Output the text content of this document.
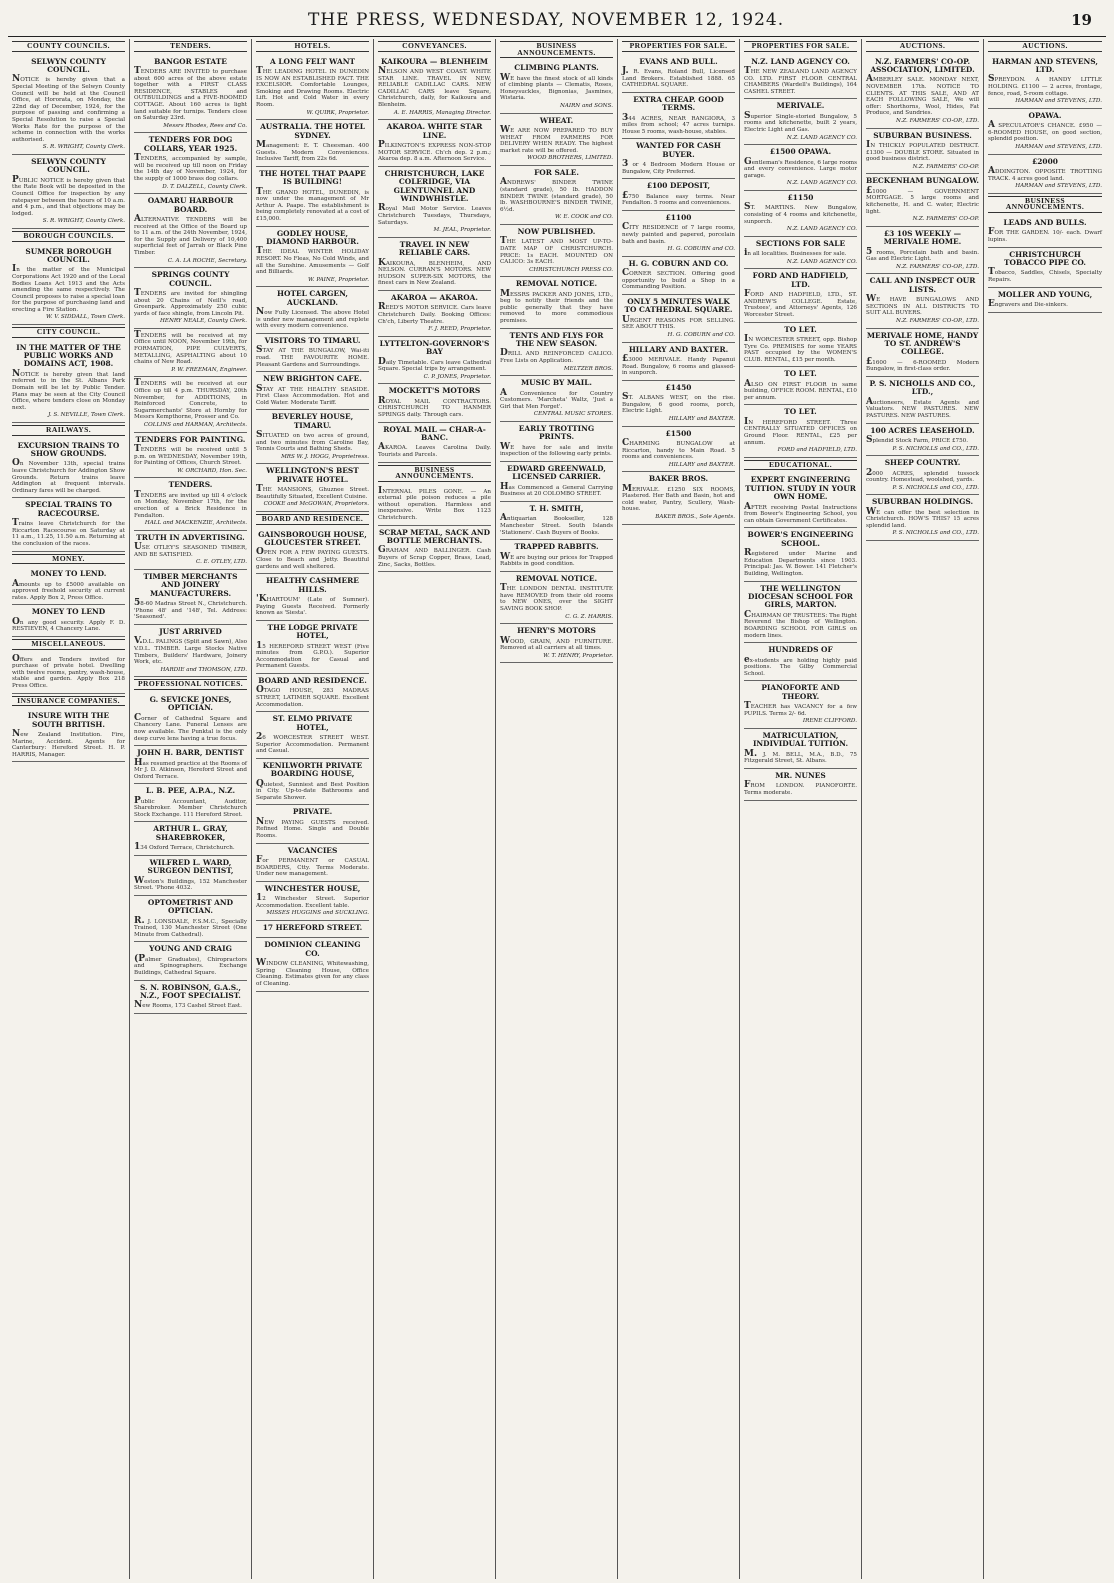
THE PRESS, WEDNESDAY, NOVEMBER 12, 1924.	19
COUNTY COUNCILS.
SELWYN COUNTY COUNCIL.
NOTICE is hereby given that a Special Meeting of the Selwyn County Council will be held at the Council Office, at Hororata, on Monday, the 22nd day of December, 1924, for the purpose of passing and confirming a Special Resolution to raise a Special Works Rate for the purpose of the scheme in connection with the works authorised.
S. R. WRIGHT, County Clerk.
SELWYN COUNTY COUNCIL.
PUBLIC NOTICE is hereby given that the Rate Book will be deposited in the Council Office for inspection by any ratepayer between the hours of 10 a.m. and 4 p.m., and that objections may be lodged.
S. R. WRIGHT, County Clerk.
BOROUGH COUNCILS.
SUMNER BOROUGH COUNCIL.
In the matter of the Municipal Corporations Act 1920 and of the Local Bodies Loans Act 1913 and the Acts amending the same respectively. The Council proposes to raise a special loan for the purpose of purchasing land and erecting a Fire Station.
W. V. SIDDALL, Town Clerk.
CITY COUNCIL.
IN THE MATTER OF THE PUBLIC WORKS AND DOMAINS ACT, 1908.
NOTICE is hereby given that land referred to in the St. Albans Park Domain will be let by Public Tender. Plans may be seen at the City Council Office, where tenders close on Monday next.
J. S. NEVILLE, Town Clerk.
RAILWAYS.
EXCURSION TRAINS TO SHOW GROUNDS.
On November 13th, special trains leave Christchurch for Addington Show Grounds. Return trains leave Addington at frequent intervals. Ordinary fares will be charged.
SPECIAL TRAINS TO RACECOURSE.
Trains leave Christchurch for the Riccarton Racecourse on Saturday at 11 a.m., 11.25, 11.50 a.m. Returning at the conclusion of the races.
MONEY.
MONEY TO LEND.
Amounts up to £5000 available on approved freehold security at current rates. Apply Box 2, Press Office.
MONEY TO LEND
On any good security. Apply F. D. RESTIEVEN, 4 Chancery Lane.
MISCELLANEOUS.
Offers and Tenders invited for purchase of private hotel. Dwelling with twelve rooms, pantry, wash-house, stable and garden. Apply Box 218 Press Office.
INSURANCE COMPANIES.
INSURE WITH THE SOUTH BRITISH.
New Zealand Institution. Fire, Marine, Accident. Agents for Canterbury: Hereford Street. H. P. HARRIS, Manager.
TENDERS.
BANGOR ESTATE
TENDERS ARE INVITED to purchase about 600 acres of the above estate together with a FIRST CLASS RESIDENCE, STABLES and OUTBUILDINGS and a FIVE-ROOMED COTTAGE. About 160 acres is light land suitable for turnips. Tenders close on Saturday 23rd.
Messrs Rhodes, Rees and Co.
TENDERS FOR DOG COLLARS, YEAR 1925.
TENDERS, accompanied by sample, will be received up till noon on Friday the 14th day of November, 1924, for the supply of 1000 brass dog collars.
D. T. DALZELL, County Clerk.
OAMARU HARBOUR BOARD.
ALTERNATIVE TENDERS will be received at the Office of the Board up to 11 a.m. of the 24th November, 1924, for the Supply and Delivery of 10,400 superficial feet of Jarrah or Black Pine Timber.
C. A. LA ROCHE, Secretary.
SPRINGS COUNTY COUNCIL.
TENDERS are invited for shingling about 20 Chains of Neill's road, Greenpark. Approximately 250 cubic yards of face shingle, from Lincoln Pit.
HENRY NEALE, County Clerk.
TENDERS will be received at my Office until NOON, November 19th, for FORMATION, PIPE CULVERTS, METALLING, ASPHALTING about 10 chains of New Road.
P. W. FREEMAN, Engineer.
TENDERS will be received at our Office up till 4 p.m. THURSDAY, 20th November, for ADDITIONS, in Reinforced Concrete, to Sugarmerchants' Store at Hornby for Messrs Kempthorne, Prosser and Co.
COLLINS and HARMAN, Architects.
TENDERS FOR PAINTING.
TENDERS will be received until 5 p.m. on WEDNESDAY, November 19th, for Painting of Offices, Church Street.
W. ORCHARD, Hon. Sec.
TENDERS.
TENDERS are invited up till 4 o'clock on Monday, November 17th, for the erection of a Brick Residence in Fendalton.
HALL and MACKENZIE, Architects.
TRUTH IN ADVERTISING.
USE OTLEY'S SEASONED TIMBER, AND BE SATISFIED.
C. E. OTLEY, LTD.
TIMBER MERCHANTS AND JOINERY MANUFACTURERS.
58-60 Madras Street N., Christchurch. 'Phone 48' and '148', Tel. Address: 'Seasoned'.
JUST ARRIVED
V.D.L. PALINGS (Split and Sawn), Also V.D.L. TIMBER. Large Stocks Native Timbers, Builders' Hardware, Joinery Work, etc.
HARDIE and THOMSON, LTD.
PROFESSIONAL NOTICES.
G. SEVICKE JONES, OPTICIAN.
Corner of Cathedral Square and Chancery Lane. Funeral Lenses are now available. The Punktal is the only deep curve lens having a true focus.
JOHN H. BARR, DENTIST
Has resumed practice at the Rooms of Mr J. D. Atkinson, Hereford Street and Oxford Terrace.
L. B. PEE, A.P.A., N.Z.
Public Accountant, Auditor, Sharebroker. Member Christchurch Stock Exchange. 111 Hereford Street.
ARTHUR L. GRAY, SHAREBROKER,
134 Oxford Terrace, Christchurch.
WILFRED L. WARD, SURGEON DENTIST,
Weston's Buildings, 152 Manchester Street. 'Phone 4032.
OPTOMETRIST AND OPTICIAN.
R. J. LONSDALE, F.S.M.C., Specially Trained, 130 Manchester Street (One Minute from Cathedral).
YOUNG AND CRAIG
(Palmer Graduates), Chiropractors and Spinographers. Exchange Buildings, Cathedral Square.
S. N. ROBINSON, G.A.S., N.Z., FOOT SPECIALIST.
New Rooms, 173 Cashel Street East.
HOTELS.
A LONG FELT WANT
THE LEADING HOTEL IN DUNEDIN IS NOW AN ESTABLISHED FACT. THE EXCELSIOR. Comfortable Lounges, Smoking and Drawing Rooms. Electric Lift. Hot and Cold Water in every Room.
W. QUIRK, Proprietor.
AUSTRALIA. THE HOTEL SYDNEY.
Management: E. T. Cheesman. 400 Guests. Modern Conveniences. Inclusive Tariff, from 22s 6d.
THE HOTEL THAT PAAPE IS BUILDING!
THE GRAND HOTEL, DUNEDIN, is now under the management of Mr Arthur A. Paape. The establishment is being completely renovated at a cost of £15,000.
GODLEY HOUSE, DIAMOND HARBOUR.
THE IDEAL WINTER HOLIDAY RESORT. No Fleas, No Cold Winds, and all the Sunshine. Amusements — Golf and Billiards.
W. PAINE, Proprietor.
HOTEL CARGEN, AUCKLAND.
Now Fully Licensed. The above Hotel is under new management and replete with every modern convenience.
VISITORS TO TIMARU.
STAY AT THE BUNGALOW, Wai-iti road. THE FAVOURITE HOME. Pleasant Gardens and Surroundings.
NEW BRIGHTON CAFE.
STAY AT THE HEALTHY SEASIDE. First Class Accommodation. Hot and Cold Water. Moderate Tariff.
BEVERLEY HOUSE, TIMARU.
SITUATED on two acres of ground, and two minutes from Caroline Bay, Tennis Courts and Bathing Sheds.
MRS W. J. HOGG, Proprietress.
WELLINGTON'S BEST PRIVATE HOTEL.
THE MANSIONS, Ghuznee Street. Beautifully Situated, Excellent Cuisine.
COOKE and McGOWAN, Proprietors.
BOARD AND RESIDENCE.
GAINSBOROUGH HOUSE, GLOUCESTER STREET.
OPEN FOR A FEW PAYING GUESTS. Close to Beach and Jetty. Beautiful gardens and well sheltered.
HEALTHY CASHMERE HILLS.
'KHARTOUM' (Late of Sumner). Paying Guests Received. Formerly known as 'Siesta'.
THE LODGE PRIVATE HOTEL,
15 HEREFORD STREET WEST (Five minutes from G.P.O.). Superior Accommodation for Casual and Permanent Guests.
BOARD AND RESIDENCE.
OTAGO HOUSE, 283 MADRAS STREET, LATIMER SQUARE. Excellent Accommodation.
ST. ELMO PRIVATE HOTEL,
26 WORCESTER STREET WEST. Superior Accommodation. Permanent and Casual.
KENILWORTH PRIVATE BOARDING HOUSE,
Quietest, Sunniest and Best Position in City. Up-to-date Bathrooms and Separate Shower.
PRIVATE.
NEW PAYING GUESTS received. Refined Home. Single and Double Rooms.
VACANCIES
For PERMANENT or CASUAL BOARDERS, Ctty. Terms Moderate. Under new management.
WINCHESTER HOUSE,
12 Winchester Street. Superior Accommodation. Excellent table.
MISSES HUGGINS and SUCKLING.
17 HEREFORD STREET.
DOMINION CLEANING CO.
WINDOW CLEANING, Whitewashing, Spring Cleaning House, Office Cleaning. Estimates given for any class of Cleaning.
CONVEYANCES.
KAIKOURA — BLENHEIM
NELSON AND WEST COAST. WHITE STAR LINE. TRAVEL IN NEW, RELIABLE CADILLAC CARS. NEW CADILLAC CARS leave Square, Christchurch, daily, for Kaikoura and Blenheim.
A. E. HARRIS, Managing Director.
AKAROA. WHITE STAR LINE.
PILKINGTON'S EXPRESS NON-STOP MOTOR SERVICE. Ch'ch dep. 2 p.m.; Akaroa dep. 8 a.m. Afternoon Service.
CHRISTCHURCH, LAKE COLERIDGE, VIA GLENTUNNEL AND WINDWHISTLE.
Royal Mail Motor Service. Leaves Christchurch Tuesdays, Thursdays, Saturdays.
M. JEAL, Proprietor.
TRAVEL IN NEW RELIABLE CARS.
KAIKOURA, BLENHEIM, AND NELSON. CURRAN'S MOTORS. NEW HUDSON SUPER-SIX MOTORS, the finest cars in New Zealand.
AKAROA — AKAROA.
REED'S MOTOR SERVICE. Cars leave Christchurch Daily. Booking Offices: Ch'ch, Liberty Theatre.
F. J. REED, Proprietor.
LYTTELTON-GOVERNOR'S BAY
Daily Timetable. Cars leave Cathedral Square. Special trips by arrangement.
C. P. JONES, Proprietor.
MOCKETT'S MOTORS
ROYAL MAIL CONTRACTORS. CHRISTCHURCH TO HANMER SPRINGS daily. Through cars.
ROYAL MAIL — CHAR-A-BANC.
AKAROA. Leaves Carolina Daily. Tourists and Parcels.
BUSINESS ANNOUNCEMENTS.
INTERNAL PILES GONE. — An external pile poison reduces a pile without operation. Harmless and inexpensive. Write Box 1123 Christchurch.
SCRAP METAL, SACK AND BOTTLE MERCHANTS.
GRAHAM AND BALLINGER. Cash Buyers of Scrap Copper, Brass, Lead, Zinc, Sacks, Bottles.
BUSINESS ANNOUNCEMENTS.
CLIMBING PLANTS.
WE have the finest stock of all kinds of climbing plants — Clematis, Roses, Honeysuckles, Bignonias, Jasmines, Wistaria.
NAIRN and SONS.
WHEAT.
WE ARE NOW PREPARED TO BUY WHEAT FROM FARMERS FOR DELIVERY WHEN READY. The highest market rate will be offered.
WOOD BROTHERS, LIMITED.
FOR SALE.
ANDREWS' BINDER TWINE (standard grade), 50 lb. HADDON BINDER TWINE (standard grade), 50 lb. WASHBOURNE'S BINDER TWINE, 6½d.
W. E. COOK and CO.
NOW PUBLISHED.
THE LATEST AND MOST UP-TO-DATE MAP OF CHRISTCHURCH. PRICE: 1s EACH. MOUNTED ON CALICO: 3s EACH.
CHRISTCHURCH PRESS CO.
REMOVAL NOTICE.
MESSRS PACKER AND JONES, LTD., beg to notify their friends and the public generally that they have removed to more commodious premises.
TENTS AND FLYS FOR THE NEW SEASON.
DRILL AND REINFORCED CALICO. Free Lists on Application.
MELTZER BROS.
MUSIC BY MAIL.
A Convenience for Country Customers. 'Marcheta' Waltz, 'Just a Girl that Men Forget'.
CENTRAL MUSIC STORES.
EARLY TROTTING PRINTS.
WE have for sale and invite inspection of the following early prints.
EDWARD GREENWALD, LICENSED CARRIER.
Has Commenced a General Carrying Business at 20 COLOMBO STREET.
T. H. SMITH,
Antiquarian Bookseller, 128 Manchester Street. South Islands 'Stationers'. Cash Buyers of Books.
TRAPPED RABBITS.
WE are buying our prices for Trapped Rabbits in good condition.
REMOVAL NOTICE.
THE LONDON DENTAL INSTITUTE have REMOVED from their old rooms to NEW ONES, over the SIGHT SAVING BOOK SHOP.
C. G. Z. HARRIS.
HENRY'S MOTORS
WOOD, GRAIN, AND FURNITURE. Removed at all carriers at all times.
W. T. HENRY, Proprietor.
PROPERTIES FOR SALE.
EVANS AND BULL.
J. R. Evans, Roland Bull, Licensed Land Brokers. Established 1888. 65 CATHEDRAL SQUARE.
EXTRA CHEAP. GOOD TERMS.
344 ACRES, NEAR RANGIORA, 3 miles from school; 47 acres turnips. House 5 rooms, wash-house, stables.
WANTED FOR CASH BUYER.
3 or 4 Bedroom Modern House or Bungalow, City Preferred.
£100 DEPOSIT,
£750 Balance easy terms. Near Fendalton. 5 rooms and conveniences.
£1100
CITY RESIDENCE of 7 large rooms, newly painted and papered, porcelain bath and basin.
H. G. COBURN and CO.
H. G. COBURN AND CO.
CORNER SECTION. Offering good opportunity to build a Shop in a Commanding Position.
ONLY 5 MINUTES WALK TO CATHEDRAL SQUARE.
URGENT REASONS FOR SELLING. SEE ABOUT THIS.
H. G. COBURN and CO.
HILLARY AND BAXTER.
£3000 MERIVALE. Handy Papanui Road. Bungalow, 6 rooms and glassed-in sunporch.
£1450
ST. ALBANS WEST, on the rise. Bungalow, 6 good rooms, porch, Electric Light.
HILLARY and BAXTER.
£1500
CHARMING BUNGALOW at Riccarton, handy to Main Road. 5 rooms and conveniences.
HILLARY and BAXTER.
BAKER BROS.
MERIVALE. £1250 SIX ROOMS, Plastered. Her Bath and Basin, hot and cold water, Pantry, Scullery, Wash-house.
BAKER BROS., Sole Agents.
PROPERTIES FOR SALE.
N.Z. LAND AGENCY CO.
THE NEW ZEALAND LAND AGENCY CO. LTD. FIRST FLOOR CENTRAL CHAMBERS (Wardell's Buildings), 164 CASHEL STREET.
MERIVALE.
Superior Single-storied Bungalow, 5 rooms and kitchenette, built 2 years, Electric Light and Gas.
N.Z. LAND AGENCY CO.
£1500 OPAWA.
Gentleman's Residence, 6 large rooms and every convenience. Large motor garage.
N.Z. LAND AGENCY CO.
£1150
ST. MARTINS. New Bungalow, consisting of 4 rooms and kitchenette, sunporch.
N.Z. LAND AGENCY CO.
SECTIONS FOR SALE
in all localities. Businesses for sale.
N.Z. LAND AGENCY CO.
FORD AND HADFIELD, LTD.
FORD AND HADFIELD, LTD., ST. ANDREW'S COLLEGE. Estate, Trustees', and Attorneys' Agents, 126 Worcester Street.
TO LET.
IN WORCESTER STREET, opp. Bishop Tyre Co. PREMISES for some YEARS PAST occupied by the WOMEN'S CLUB. RENTAL, £15 per month.
TO LET.
ALSO ON FIRST FLOOR in same building, OFFICE ROOM. RENTAL, £10 per annum.
TO LET.
IN HEREFORD STREET. Three CENTRALLY SITUATED OFFICES on Ground Floor. RENTAL, £25 per annum.
FORD and HADFIELD, LTD.
EDUCATIONAL.
EXPERT ENGINEERING TUITION. STUDY IN YOUR OWN HOME.
AFTER receiving Postal Instructions from Bower's Engineering School, you can obtain Government Certificates.
BOWER'S ENGINEERING SCHOOL.
Registered under Marine and Education Departments since 1903. Principal: Jas. W. Bower. 141 Fletcher's Building, Wellington.
THE WELLINGTON DIOCESAN SCHOOL FOR GIRLS, MARTON.
CHAIRMAN OF TRUSTEES: The Right Reverend the Bishop of Wellington. BOARDING SCHOOL FOR GIRLS on modern lines.
HUNDREDS OF
ex-students are holding highly paid positions. The Gilby Commercial School.
PIANOFORTE AND THEORY.
TEACHER has VACANCY for a few PUPILS. Terms 2/- 6d.
IRENE CLIFFORD.
MATRICULATION, INDIVIDUAL TUITION.
M. J. M. BELL, M.A., B.D., 75 Fitzgerald Street, St. Albans.
MR. NUNES
FROM LONDON. PIANOFORTE. Terms moderate.
AUCTIONS.
N.Z. FARMERS' CO-OP. ASSOCIATION, LIMITED.
AMBERLEY SALE. MONDAY NEXT, NOVEMBER 17th. NOTICE TO CLIENTS. AT THIS SALE, AND AT EACH FOLLOWING SALE, We will offer: Shorthorns, Wool, Hides, Fat Produce, and Sundries.
N.Z. FARMERS' CO-OP., LTD.
SUBURBAN BUSINESS.
IN THICKLY POPULATED DISTRICT. £1300 — DOUBLE STORE. Situated in good business district.
N.Z. FARMERS' CO-OP.
BECKENHAM BUNGALOW.
£1000 — GOVERNMENT MORTGAGE. 5 large rooms and kitchenette, H. and C. water, Electric light.
N.Z. FARMERS' CO-OP.
£3 10S WEEKLY — MERIVALE HOME.
5 rooms, Porcelain bath and basin. Gas and Electric Light.
N.Z. FARMERS' CO-OP., LTD.
CALL AND INSPECT OUR LISTS.
WE HAVE BUNGALOWS AND SECTIONS IN ALL DISTRICTS TO SUIT ALL BUYERS.
N.Z. FARMERS' CO-OP., LTD.
MERIVALE HOME, HANDY TO ST. ANDREW'S COLLEGE.
£1600 — 6-ROOMED Modern Bungalow, in first-class order.
P. S. NICHOLLS AND CO., LTD.,
Auctioneers, Estate Agents and Valuators. NEW PASTURES. NEW PASTURES. NEW PASTURES.
100 ACRES LEASEHOLD.
Splendid Stock Farm, PRICE £750.
P. S. NICHOLLS and CO., LTD.
SHEEP COUNTRY.
2000 ACRES, splendid tussock country. Homestead, woolshed, yards.
P. S. NICHOLLS and CO., LTD.
SUBURBAN HOLDINGS.
WE can offer the best selection in Christchurch. HOW'S THIS? 15 acres splendid land.
P. S. NICHOLLS and CO., LTD.
AUCTIONS.
HARMAN AND STEVENS, LTD.
SPREYDON. A HANDY LITTLE HOLDING. £1100 — 2 acres, frontage, fence, road, 5-room cottage.
HARMAN and STEVENS, LTD.
OPAWA.
A SPECULATOR'S CHANCE. £950 — 6-ROOMED HOUSE, on good section, splendid position.
HARMAN and STEVENS, LTD.
£2000
ADDINGTON. OPPOSITE TROTTING TRACK. 4 acres good land.
HARMAN and STEVENS, LTD.
BUSINESS ANNOUNCEMENTS.
LEADS AND BULLS.
FOR THE GARDEN. 10/- each. Dwarf lupins.
CHRISTCHURCH TOBACCO PIPE CO.
Tobacco, Saddles, Chisels, Specialty Repairs.
MOLLER AND YOUNG,
Engravers and Die-sinkers.
